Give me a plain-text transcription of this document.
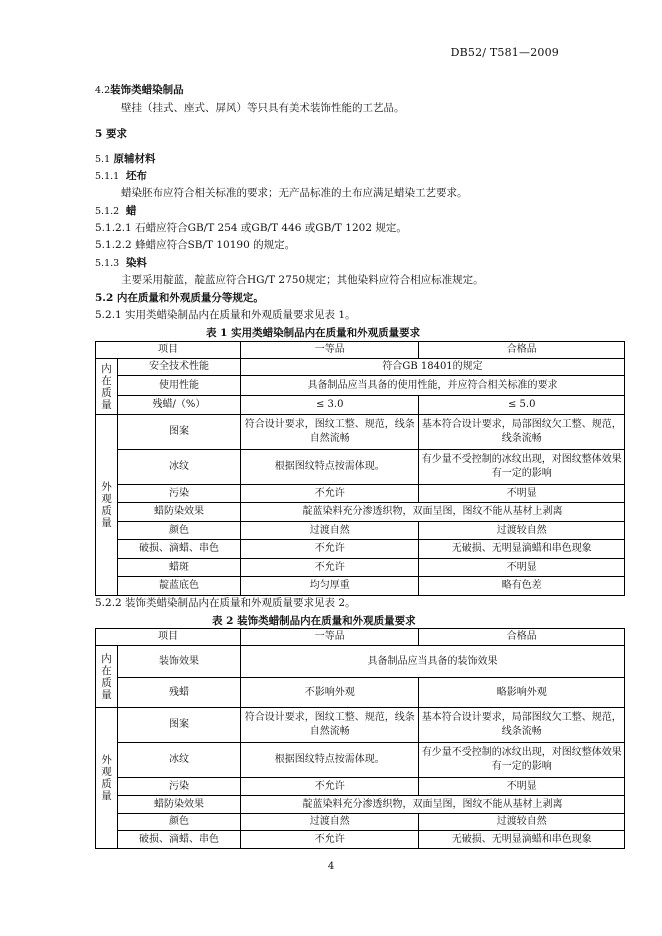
DB52/ T581—2009
4.2装饰类蜡染制品
壁挂（挂式、座式、屏风）等只具有美术装饰性能的工艺品。
5 要求
5.1 原辅材料
5.1.1 坯布
蜡染胚布应符合相关标准的要求；无产品标准的土布应满足蜡染工艺要求。
5.1.2 蜡
5.1.2.1 石蜡应符合GB/T 254 或GB/T 446 或GB/T 1202 规定。
5.1.2.2 蜂蜡应符合SB/T 10190 的规定。
5.1.3 染料
主要采用靛蓝，靛蓝应符合HG/T 2750规定；其他染料应符合相应标准规定。
5.2 内在质量和外观质量分等规定。
5.2.1 实用类蜡染制品内在质量和外观质量要求见表 1。
表 1 实用类蜡染制品内在质量和外观质量要求
项目		一等品	合格品
内在质量	安全技术性能	符合GB 18401的规定	
	使用性能	具备制品应当具备的使用性能，并应符合相关标准的要求	
	残蜡/（%）	≤ 3.0	≤ 5.0
外观质量	图案	符合设计要求，图纹工整、规范，线条自然流畅	基本符合设计要求，局部图纹欠工整、规范，线条流畅
	冰纹	根据图纹特点按需体现。	有少量不受控制的冰纹出现，对图纹整体效果有一定的影响
	污染	不允许	不明显
	蜡防染效果	靛蓝染料充分渗透织物，双面呈图，图纹不能从基材上剥离	
	颜色	过渡自然	过渡较自然
	破损、滴蜡、串色	不允许	无破损、无明显滴蜡和串色现象
	蜡斑	不允许	不明显
	靛蓝底色	均匀厚重	略有色差
5.2.2 装饰类蜡染制品内在质量和外观质量要求见表 2。
表 2 装饰类蜡制品内在质量和外观质量要求
项目		一等品	合格品
内在质量	装饰效果	具备制品应当具备的装饰效果	
	残蜡	不影响外观	略影响外观
外观质量	图案	符合设计要求，图纹工整、规范，线条自然流畅	基本符合设计要求，局部图纹欠工整、规范，线条流畅
	冰纹	根据图纹特点按需体现。	有少量不受控制的冰纹出现，对图纹整体效果有一定的影响
	污染	不允许	不明显
	蜡防染效果	靛蓝染料充分渗透织物，双面呈图，图纹不能从基材上剥离	
	颜色	过渡自然	过渡较自然
	破损、滴蜡、串色	不允许	无破损、无明显滴蜡和串色现象
4
